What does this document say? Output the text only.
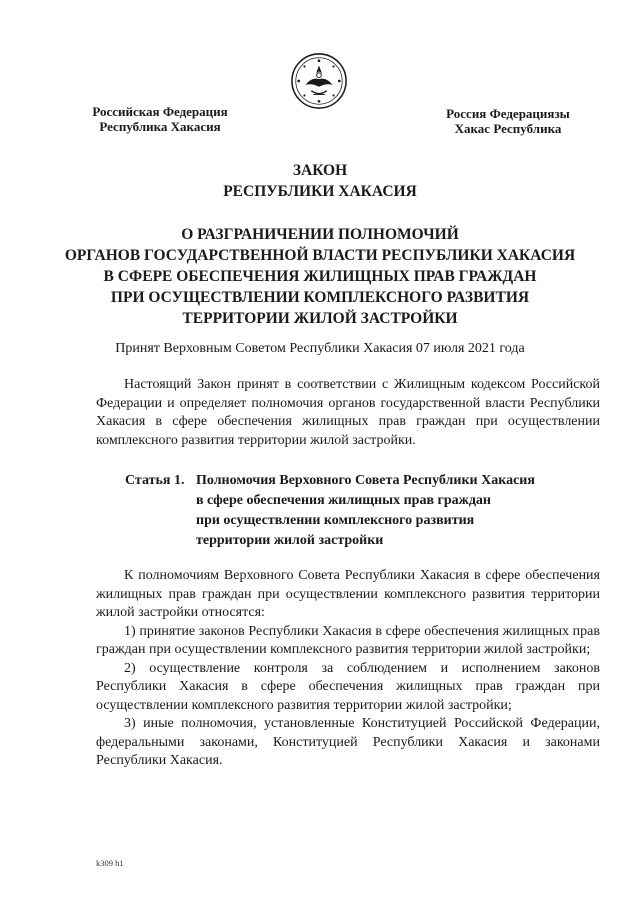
Российская Федерация
Республика Хакасия
Россия Федерациязы
Хакас Республика
ЗАКОН
РЕСПУБЛИКИ ХАКАСИЯ
О РАЗГРАНИЧЕНИИ ПОЛНОМОЧИЙ
ОРГАНОВ ГОСУДАРСТВЕННОЙ ВЛАСТИ РЕСПУБЛИКИ ХАКАСИЯ
В СФЕРЕ ОБЕСПЕЧЕНИЯ ЖИЛИЩНЫХ ПРАВ ГРАЖДАН
ПРИ ОСУЩЕСТВЛЕНИИ КОМПЛЕКСНОГО РАЗВИТИЯ
ТЕРРИТОРИИ ЖИЛОЙ ЗАСТРОЙКИ
Принят Верховным Советом Республики Хакасия 07 июля 2021 года
Настоящий Закон принят в соответствии с Жилищным кодексом Российской Федерации и определяет полномочия органов государственной власти Республики Хакасия в сфере обеспечения жилищных прав граждан при осуществлении комплексного развития территории жилой застройки.
Статья 1. Полномочия Верховного Совета Республики Хакасия
в сфере обеспечения жилищных прав граждан
при осуществлении комплексного развития
территории жилой застройки

К полномочиям Верховного Совета Республики Хакасия в сфере обеспечения жилищных прав граждан при осуществлении комплексного развития территории жилой застройки относятся:

1) принятие законов Республики Хакасия в сфере обеспечения жилищных прав граждан при осуществлении комплексного развития территории жилой застройки;

2) осуществление контроля за соблюдением и исполнением законов Республики Хакасия в сфере обеспечения жилищных прав граждан при осуществлении комплексного развития территории жилой застройки;

3) иные полномочия, установленные Конституцией Российской Федерации, федеральными законами, Конституцией Республики Хакасия и законами Республики Хакасия.

k309 h1
